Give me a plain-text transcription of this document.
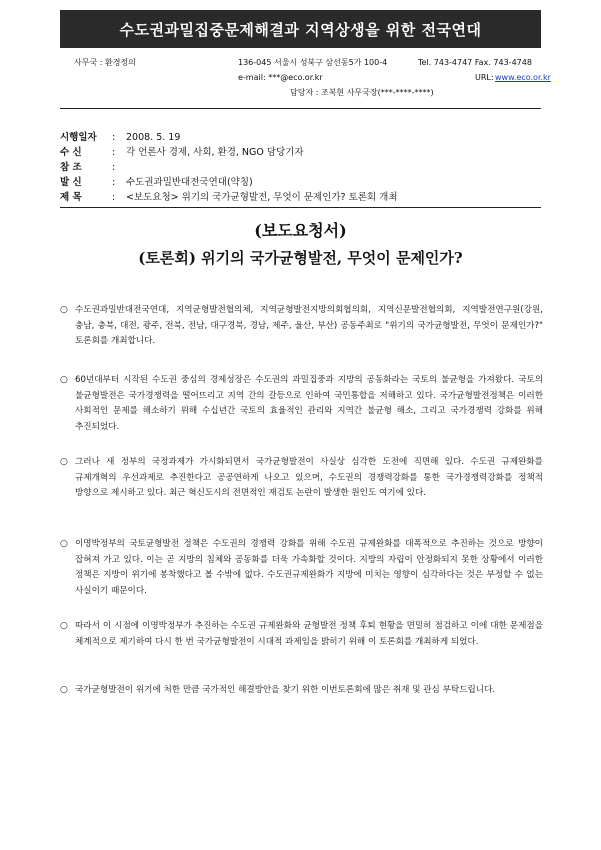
수도권과밀집중문제해결과 지역상생을 위한 전국연대
사무국 : 환경정의	136-045 서울시 성북구 삼선동5가 100-4	Tel. 743-4747 Fax. 743-4748
e-mail: ***@eco.or.kr	URL: www.eco.or.kr
담당자 : 조복현 사무국장(***-****-****)
시행일자	:	2008. 5. 19
수 신	:	각 언론사 경제, 사회, 환경, NGO 담당기자
참 조	:
발 신	:	수도권과밀반대전국연대(약칭)
제 목	:	<보도요청> 위기의 국가균형발전, 무엇이 문제인가? 토론회 개최
(보도요청서)
(토론회) 위기의 국가균형발전, 무엇이 문제인가?
○ 수도권과밀반대전국연대, 지역균형발전협의체, 지역균형발전지방의회협의회, 지역신문발전협의회, 지역발전연구원(강원, 충남, 충북, 대전, 광주, 전북, 전남, 대구경북, 경남, 제주, 울산, 부산) 공동주최로 "위기의 국가균형발전, 무엇이 문제인가?" 토론회를 개최합니다.
○ 60년대부터 시작된 수도권 중심의 경제성장은 수도권의 과밀집중과 지방의 공동화라는 국토의 불균형을 가져왔다. 국토의 불균형발전은 국가경쟁력을 떨어뜨리고 지역 간의 갈등으로 인하여 국민통합을 저해하고 있다. 국가균형발전정책은 이러한 사회적인 문제를 해소하기 위해 수십년간 국토의 효율적인 관리와 지역간 불균형 해소, 그리고 국가경쟁력 강화를 위해 추진되었다.
○ 그러나 새 정부의 국정과제가 가시화되면서 국가균형발전이 사실상 심각한 도전에 직면해 있다. 수도권 규제완화를 규제개혁의 우선과제로 추진한다고 공공연하게 나오고 있으며, 수도권의 경쟁력강화를 통한 국가경쟁력강화를 정책적 방향으로 제시하고 있다. 최근 혁신도시의 전면적인 재검토 논란이 발생한 원인도 여기에 있다.
○ 이명박정부의 국토균형발전 정책은 수도권의 경쟁력 강화를 위해 수도권 규제완화를 대폭적으로 추진하는 것으로 방향이 잡혀져 가고 있다. 이는 곧 지방의 침체와 공동화를 더욱 가속화할 것이다. 지방의 자립이 안정화되지 못한 상황에서 이러한 정책은 지방이 위기에 봉착했다고 볼 수밖에 없다. 수도권규제완화가 지방에 미치는 영향이 심각하다는 것은 부정할 수 없는 사실이기 때문이다.
○ 따라서 이 시점에 이명박정부가 추진하는 수도권 규제완화와 균형발전 정책 후퇴 현황을 면밀히 점검하고 이에 대한 문제점을 체계적으로 제기하여 다시 한 번 국가균형발전이 시대적 과제임을 밝히기 위해 이 토론회를 개최하게 되었다.
○ 국가균형발전이 위기에 처한 만큼 국가적인 해결방안을 찾기 위한 이번토론회에 많은 취재 및 관심 부탁드립니다.
